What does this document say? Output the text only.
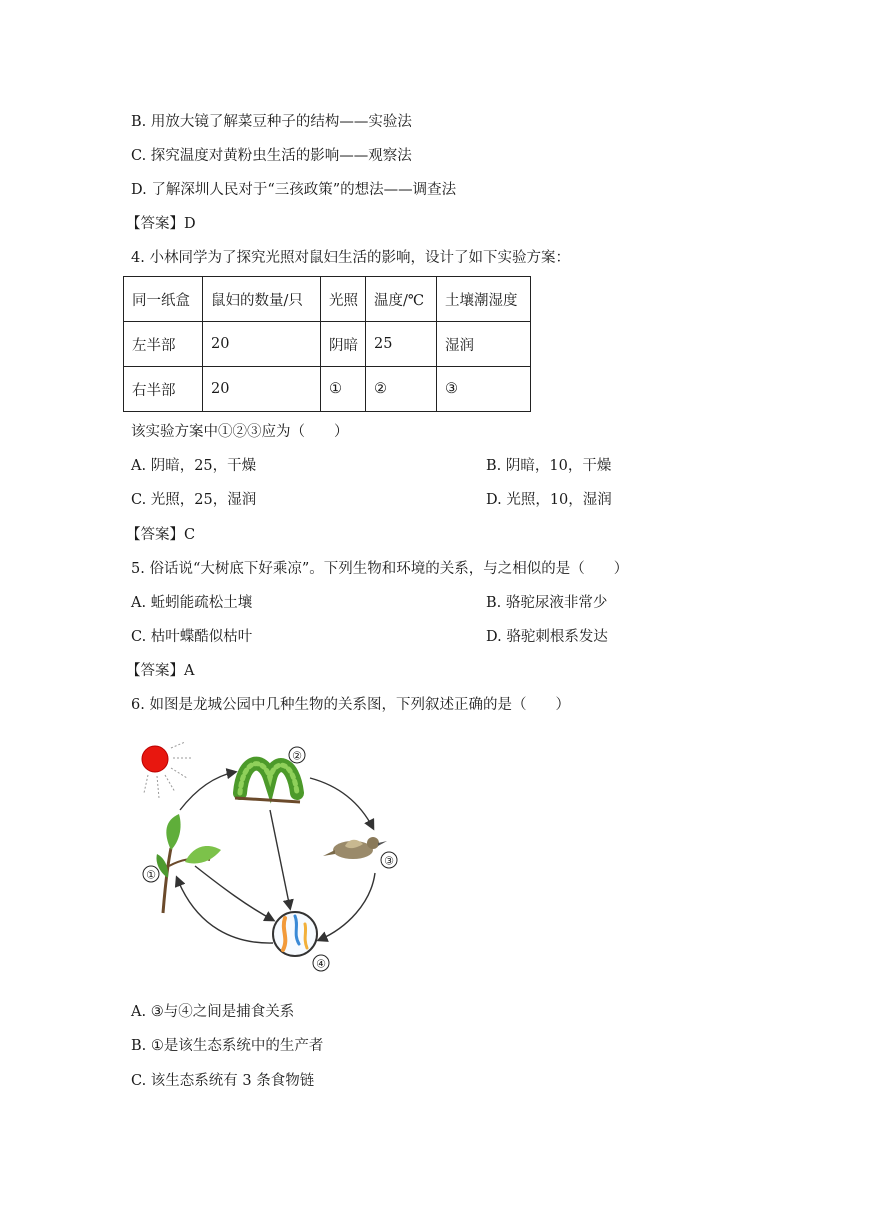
B. 用放大镜了解菜豆种子的结构——实验法
C. 探究温度对黄粉虫生活的影响——观察法
D. 了解深圳人民对于“三孩政策”的想法——调查法
【答案】D
4. 小林同学为了探究光照对鼠妇生活的影响，设计了如下实验方案：
同一纸盒	鼠妇的数量/只	光照	温度/℃	土壤潮湿度
左半部	20	阴暗	25	湿润
右半部	20	①	②	③
该实验方案中①②③应为（　　）
A. 阴暗，25，干燥	B. 阴暗，10，干燥
C. 光照，25，湿润	D. 光照，10，湿润
【答案】C
5. 俗话说“大树底下好乘凉”。下列生物和环境的关系，与之相似的是（　　）
A. 蚯蚓能疏松土壤	B. 骆驼尿液非常少
C. 枯叶蝶酷似枯叶	D. 骆驼刺根系发达
【答案】A
6. 如图是龙城公园中几种生物的关系图，下列叙述正确的是（　　）
①
②
③
④
A. ③与④之间是捕食关系
B. ①是该生态系统中的生产者
C. 该生态系统有 3 条食物链
